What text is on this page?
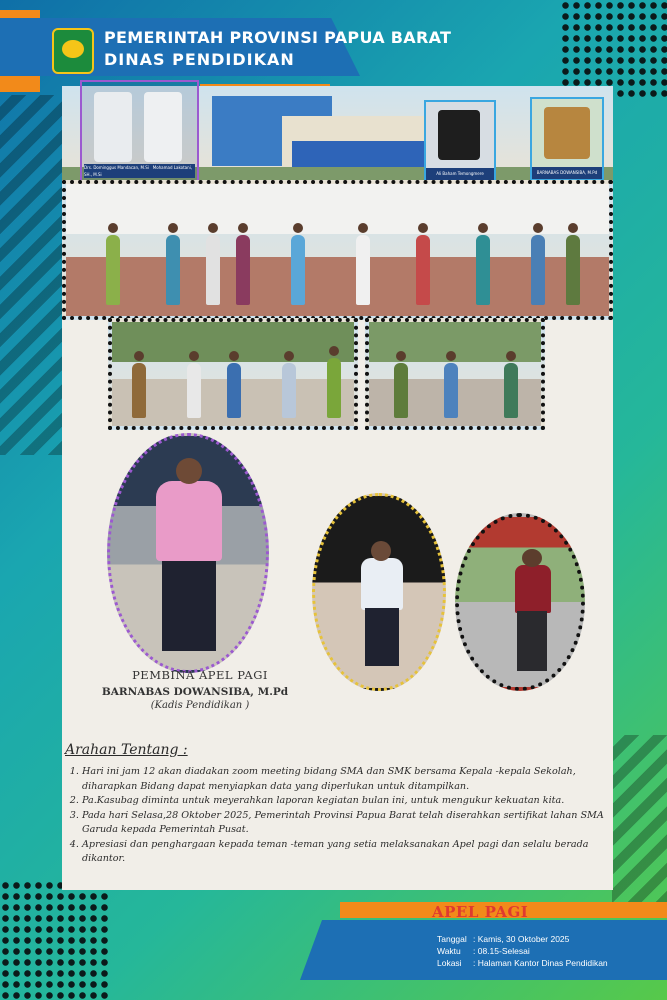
PEMERINTAH PROVINSI PAPUA BARAT
DINAS PENDIDIKAN
Drs. Dominggus Mandacan, M.Si Mohamad Lakotani, SH., M.Si	Ali Baham Temongmere	BARNABAS DOWANSIBA, M.Pd
PEMBINA APEL PAGI
BARNABAS DOWANSIBA, M.Pd
(Kadis Pendidikan )
Arahan Tentang :
1. Hari ini jam 12 akan diadakan zoom meeting bidang SMA dan SMK bersama Kepala -kepala Sekolah, diharapkan Bidang dapat menyiapkan data yang diperlukan untuk ditampilkan.
2. Pa.Kasubag diminta untuk meyerahkan laporan kegiatan bulan ini, untuk mengukur kekuatan kita.
3. Pada hari Selasa,28 Oktober 2025, Pemerintah Provinsi Papua Barat telah diserahkan sertifikat lahan SMA Garuda kepada Pemerintah Pusat.
4. Apresiasi dan penghargaan kepada teman -teman yang setia melaksanakan Apel pagi dan selalu berada dikantor.
APEL PAGI
Tanggal : Kamis, 30 Oktober 2025
Waktu : 08.15-Selesai
Lokasi : Halaman Kantor Dinas Pendidikan
